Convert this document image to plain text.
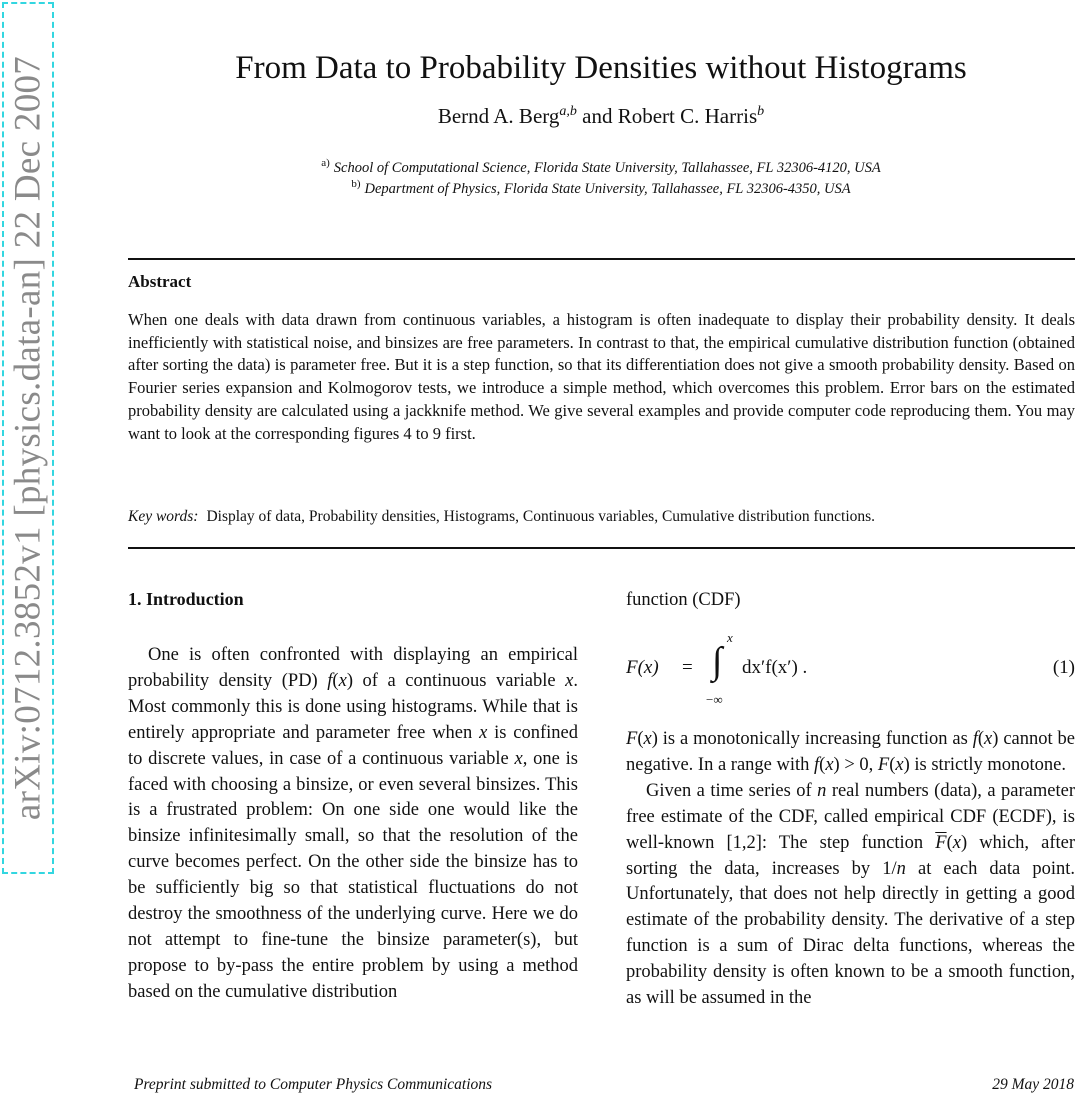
arXiv:0712.3852v1 [physics.data-an] 22 Dec 2007	From Data to Probability Densities without Histograms
Bernd A. Berg$^{a,b}$ and Robert C. Harris$^b$
$^{a)}$ School of Computational Science, Florida State University, Tallahassee, FL 32306-4120, USA
$^{b)}$ Department of Physics, Florida State University, Tallahassee, FL 32306-4350, USA
Abstract
When one deals with data drawn from continuous variables, a histogram is often inadequate to display their probability density. It deals inefficiently with statistical noise, and binsizes are free parameters. In contrast to that, the empirical cumulative distribution function (obtained after sorting the data) is parameter free. But it is a step function, so that its differentiation does not give a smooth probability density. Based on Fourier series expansion and Kolmogorov tests, we introduce a simple method, which overcomes this problem. Error bars on the estimated probability density are calculated using a jackknife method. We give several examples and provide computer code reproducing them. You may want to look at the corresponding figures 4 to 9 first.
Key words: Display of data, Probability densities, Histograms, Continuous variables, Cumulative distribution functions.
1. Introduction

One is often confronted with displaying an empirical probability density (PD) f(x) of a continuous variable x. Most commonly this is done using histograms. While that is entirely appropriate and parameter free when x is confined to discrete values, in case of a continuous variable x, one is faced with choosing a binsize, or even several binsizes. This is a frustrated problem: On one side one would like the binsize infinitesimally small, so that the resolution of the curve becomes perfect. On the other side the binsize has to be sufficiently big so that statistical fluctuations do not destroy the smoothness of the underlying curve. Here we do not attempt to fine-tune the binsize parameter(s), but propose to by-pass the entire problem by using a method based on the cumulative distribution

function (CDF)

F(x) = ∫
x
−∞
dx′f(x′) .	(1)

F(x) is a monotonically increasing function as f(x) cannot be negative. In a range with f(x) > 0, F(x) is strictly monotone.

Given a time series of n real numbers (data), a parameter free estimate of the CDF, called empirical CDF (ECDF), is well-known [1,2]: The step function $\overline{F}(x)$ which, after sorting the data, increases by 1/n at each data point. Unfortunately, that does not help directly in getting a good estimate of the probability density. The derivative of a step function is a sum of Dirac delta functions, whereas the probability density is often known to be a smooth function, as will be assumed in the

Preprint submitted to Computer Physics Communications	29 May 2018
